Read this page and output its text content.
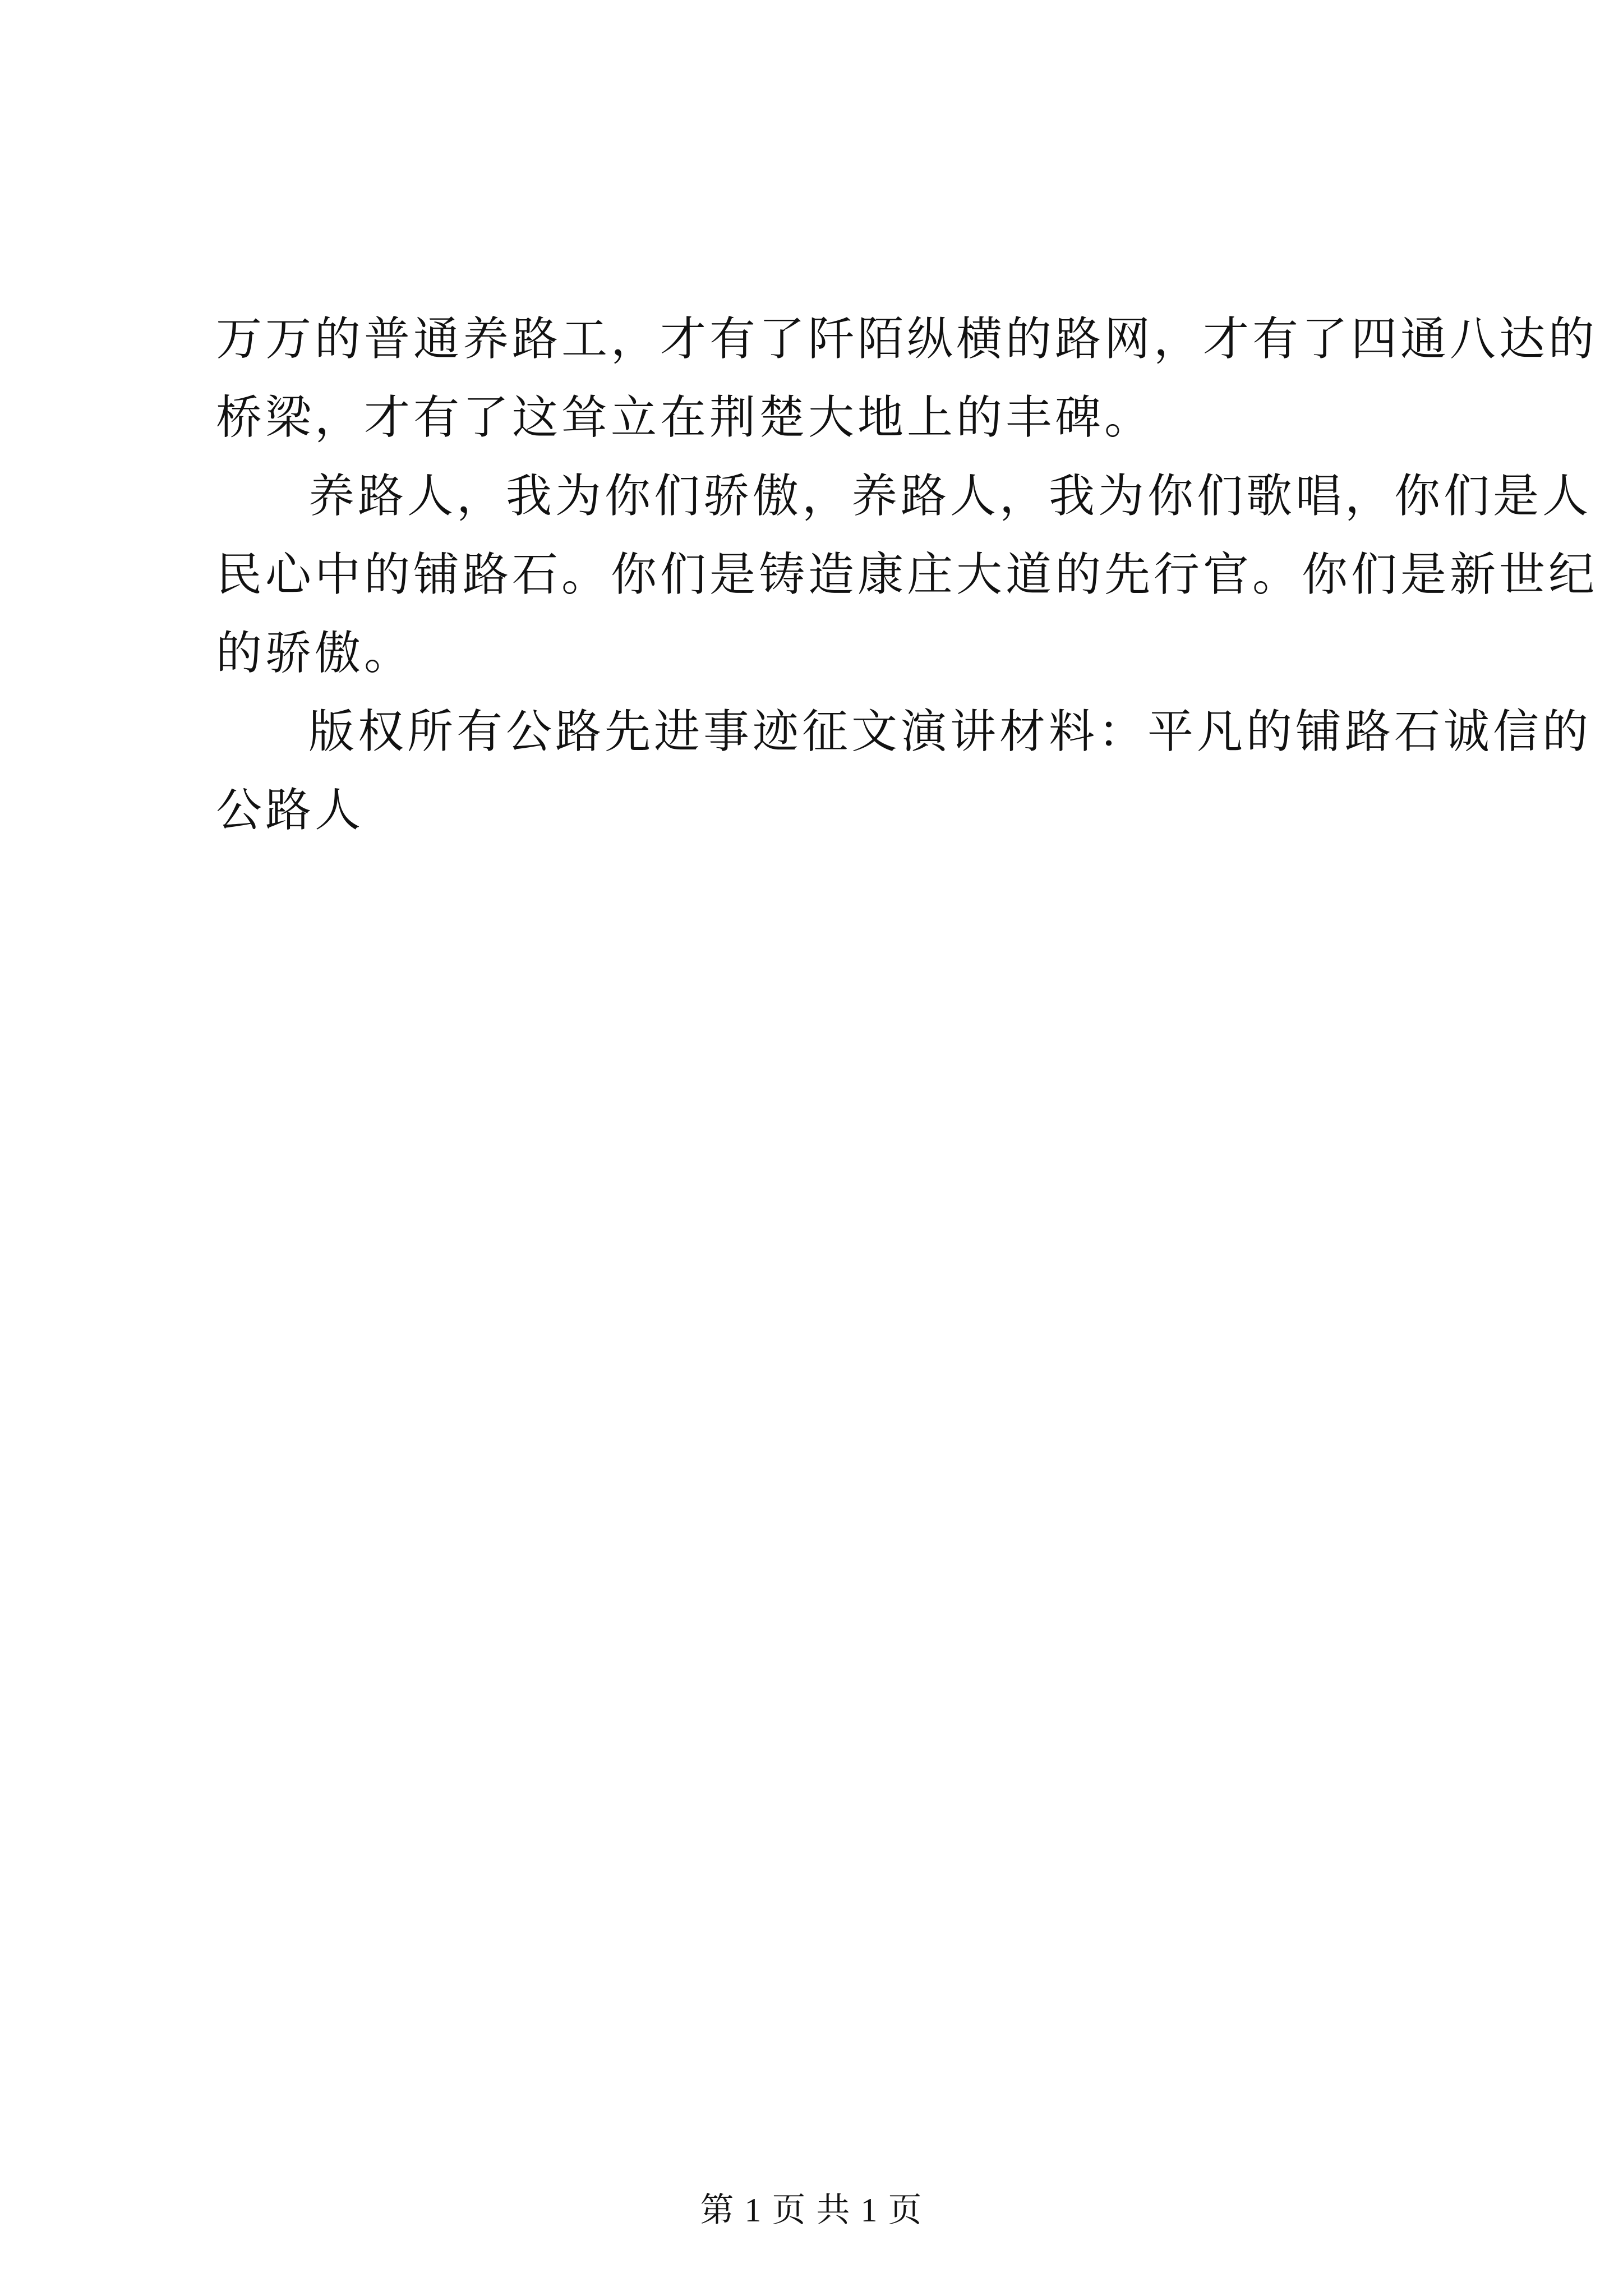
万万的普通养路工，才有了阡陌纵横的路网，才有了四通八达的
桥梁，才有了这耸立在荆楚大地上的丰碑。
养路人，我为你们骄傲，养路人，我为你们歌唱，你们是人
民心中的铺路石。你们是铸造康庄大道的先行官。你们是新世纪
的骄傲。
版权所有公路先进事迹征文演讲材料：平凡的铺路石诚信的
公路人
第 1 页 共 1 页
